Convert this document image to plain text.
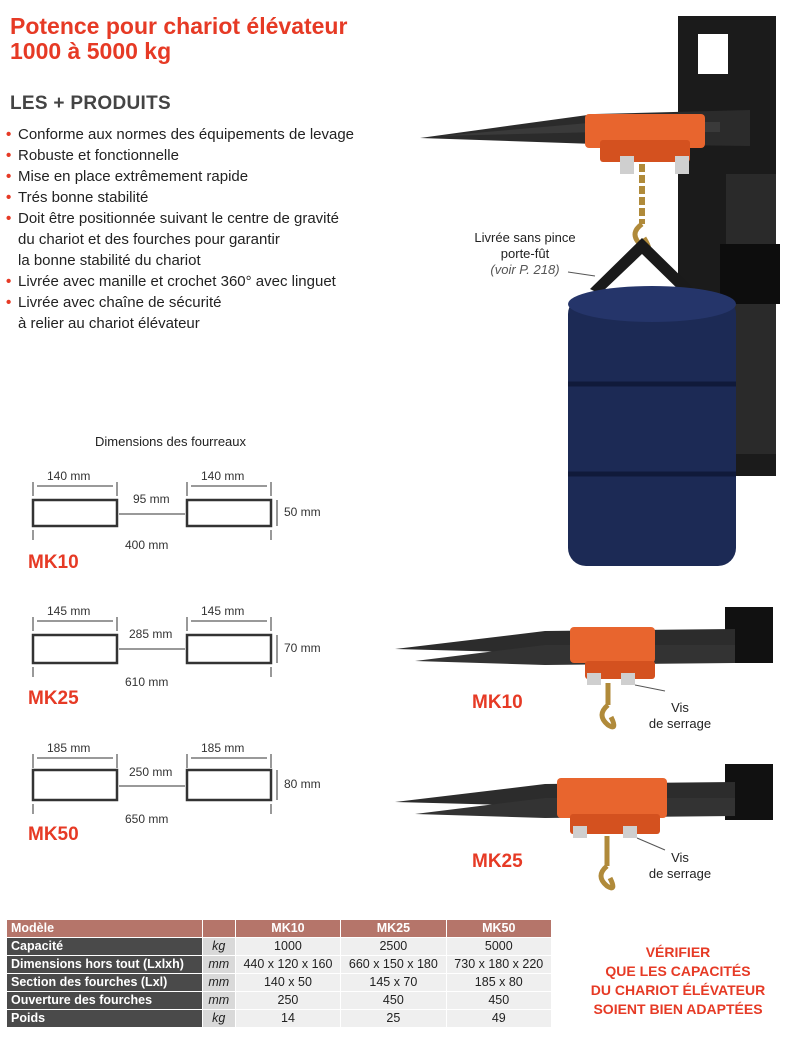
Potence pour chariot élévateur
1000 à 5000 kg
LES + PRODUITS
• Conforme aux normes des équipements de levage
• Robuste et fonctionnelle
• Mise en place extrêmement rapide
• Trés bonne stabilité
• Doit être positionnée suivant le centre de gravité
du chariot et des fourches pour garantir
la bonne stabilité du chariot
• Livrée avec manille et crochet 360° avec linguet
• Livrée avec chaîne de sécurité
à relier au chariot élévateur
Livrée sans pince
porte-fût
(voir P. 218)
Dimensions des fourreaux
140 mm	140 mm
95 mm
50 mm
400 mm
MK10
145 mm	145 mm
285 mm
70 mm
610 mm
MK25
185 mm	185 mm
250 mm
80 mm
650 mm
MK50
MK10	Vis
de serrage
MK25	Vis
de serrage
Modèle		MK10	MK25	MK50
Capacité	kg	1000	2500	5000
Dimensions hors tout (Lxlxh)	mm	440 x 120 x 160	660 x 150 x 180	730 x 180 x 220
Section des fourches (Lxl)	mm	140 x 50	145 x 70	185 x 80
Ouverture des fourches	mm	250	450	450
Poids	kg	14	25	49
VÉRIFIER
QUE LES CAPACITÉS
DU CHARIOT ÉLÉVATEUR
SOIENT BIEN ADAPTÉES
